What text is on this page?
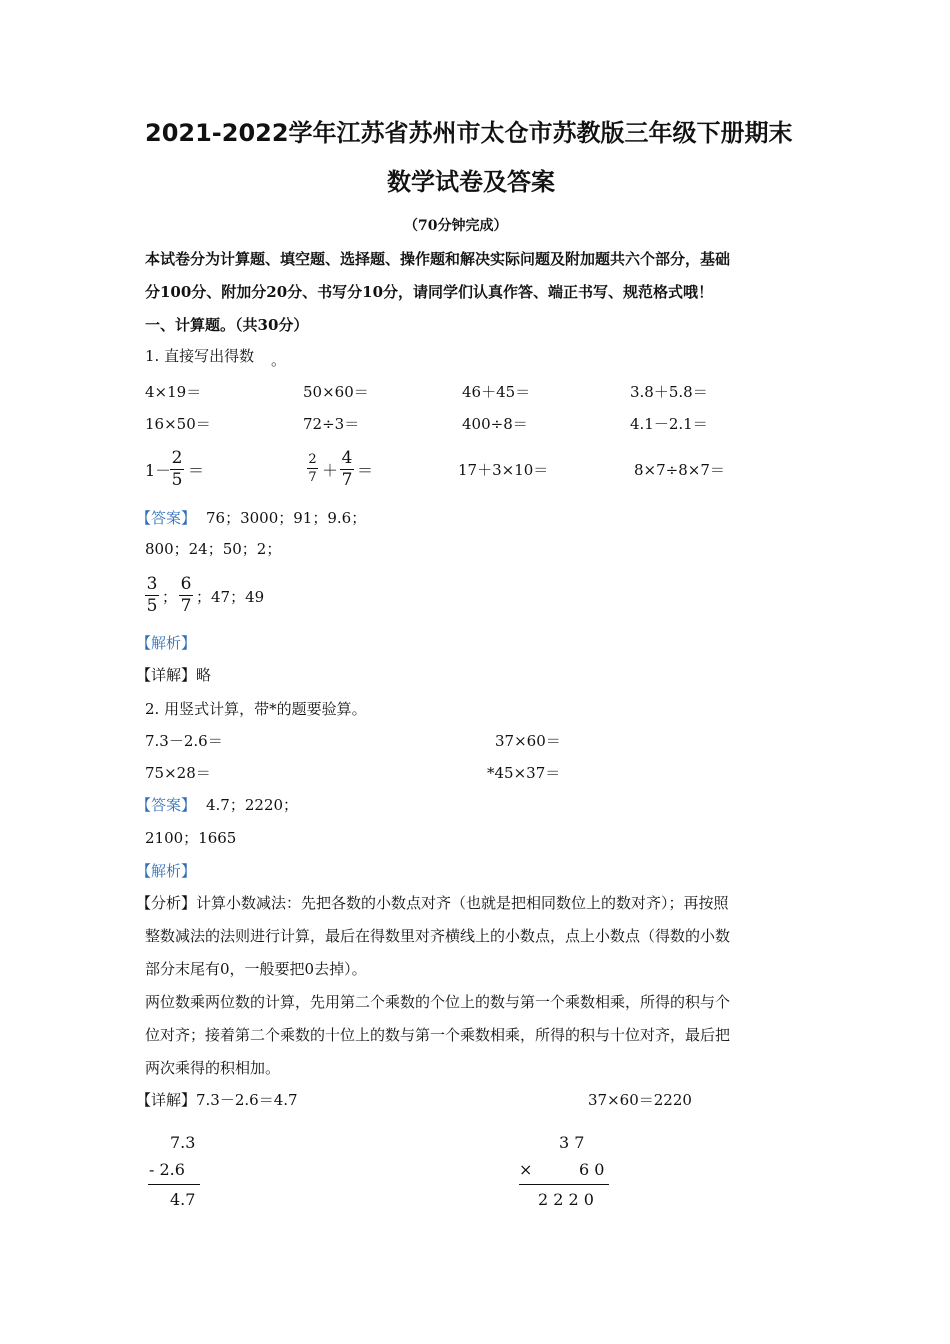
2021-2022学年江苏省苏州市太仓市苏教版三年级下册期末
数学试卷及答案
（70分钟完成）
本试卷分为计算题、填空题、选择题、操作题和解决实际问题及附加题共六个部分，基础
分100分、附加分20分、书写分10分，请同学们认真作答、端正书写、规范格式哦！
一、计算题。（共30分）
1. 直接写出得数 。
4×19＝	50×60＝	46＋45＝	3.8＋5.8＝
16×50＝	72÷3＝	400÷8＝	4.1－2.1＝
1－
2
5 ＝
2
7 ＋
4
7 ＝	17＋3×10＝	8×7÷8×7＝
【答案】 76；3000；91；9.6；
800；24；50；2；
3
5 ；
6
7 ；47；49
【解析】
【详解】略
2. 用竖式计算，带*的题要验算。
7.3－2.6＝	37×60＝
75×28＝	*45×37＝
【答案】 4.7；2220；
2100；1665
【解析】
【分析】计算小数减法：先把各数的小数点对齐（也就是把相同数位上的数对齐）；再按照
整数减法的法则进行计算，最后在得数里对齐横线上的小数点，点上小数点（得数的小数
部分末尾有0，一般要把0去掉）。
两位数乘两位数的计算，先用第二个乘数的个位上的数与第一个乘数相乘，所得的积与个
位对齐；接着第二个乘数的十位上的数与第一个乘数相乘，所得的积与十位对齐，最后把
两次乘得的积相加。
【详解】7.3－2.6＝4.7	37×60＝2220
7.3
- 2.6
4.7
3 7
×	6 0
2 2 2 0
